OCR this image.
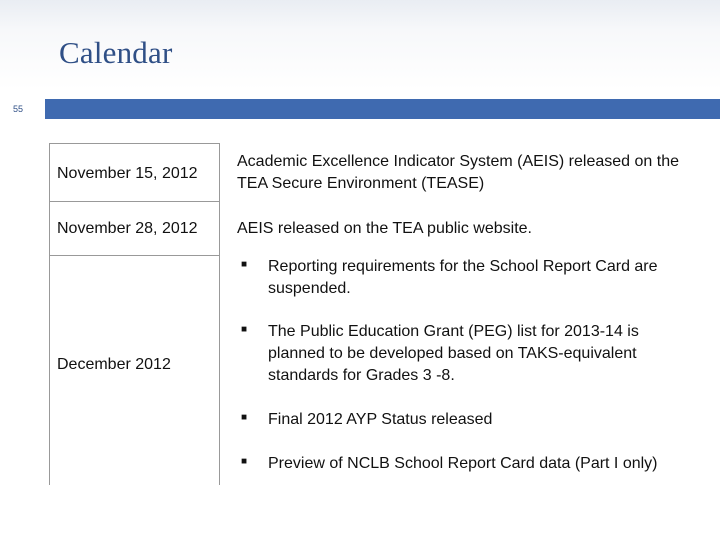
Calendar
55
November 15, 2012
Academic Excellence Indicator System (AEIS) released on the TEA Secure Environment (TEASE)
November 28, 2012	AEIS released on the TEA public website.
December 2012
■ Reporting requirements for the School Report Card are suspended.
■ The Public Education Grant (PEG) list for 2013-14 is planned to be developed based on TAKS-equivalent standards for Grades 3 -8.
■ Final 2012 AYP Status released
■ Preview of NCLB School Report Card data (Part I only)
